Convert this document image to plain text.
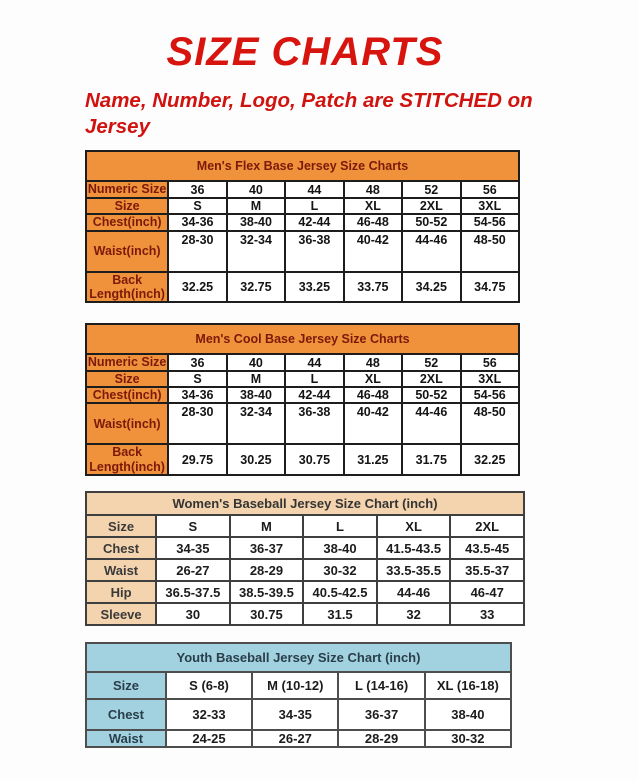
SIZE CHARTS

Name, Number, Logo, Patch are STITCHED on Jersey

Men's Flex Base Jersey Size Charts						
Numeric Size	36	40	44	48	52	56
Size	S	M	L	XL	2XL	3XL
Chest(inch)	34-36	38-40	42-44	46-48	50-52	54-56
Waist(inch)	28-30	32-34	36-38	40-42	44-46	48-50
Back Length(inch)	32.25	32.75	33.25	33.75	34.25	34.75
Men's Cool Base Jersey Size Charts						
Numeric Size	36	40	44	48	52	56
Size	S	M	L	XL	2XL	3XL
Chest(inch)	34-36	38-40	42-44	46-48	50-52	54-56
Waist(inch)	28-30	32-34	36-38	40-42	44-46	48-50
Back Length(inch)	29.75	30.25	30.75	31.25	31.75	32.25
Women's Baseball Jersey Size Chart (inch)					
Size	S	M	L	XL	2XL
Chest	34-35	36-37	38-40	41.5-43.5	43.5-45
Waist	26-27	28-29	30-32	33.5-35.5	35.5-37
Hip	36.5-37.5	38.5-39.5	40.5-42.5	44-46	46-47
Sleeve	30	30.75	31.5	32	33
Youth Baseball Jersey Size Chart (inch)				
Size	S (6-8)	M (10-12)	L (14-16)	XL (16-18)
Chest	32-33	34-35	36-37	38-40
Waist	24-25	26-27	28-29	30-32
